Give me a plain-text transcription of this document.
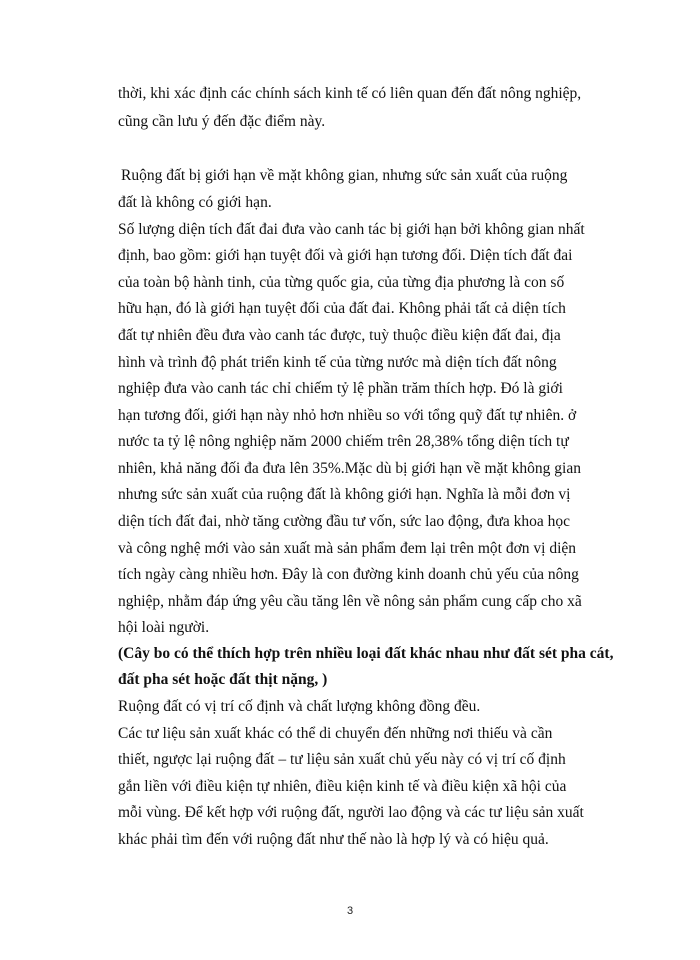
thời, khi xác định các chính sách kinh tế có liên quan đến đất nông nghiệp,
cũng cần lưu ý đến đặc điểm này.
Ruộng đất bị giới hạn về mặt không gian, nhưng sức sản xuất của ruộng
đất là không có giới hạn.
Số lượng diện tích đất đai đưa vào canh tác bị giới hạn bởi không gian nhất
định, bao gồm: giới hạn tuyệt đối và giới hạn tương đối. Diện tích đất đai
của toàn bộ hành tinh, của từng quốc gia, của từng địa phương là con số
hữu hạn, đó là giới hạn tuyệt đối của đất đai. Không phải tất cả diện tích
đất tự nhiên đều đưa vào canh tác được, tuỳ thuộc điều kiện đất đai, địa
hình và trình độ phát triển kinh tế của từng nước mà diện tích đất nông
nghiệp đưa vào canh tác chỉ chiếm tỷ lệ phần trăm thích hợp. Đó là giới
hạn tương đối, giới hạn này nhỏ hơn nhiều so với tổng quỹ đất tự nhiên. ở
nước ta tỷ lệ nông nghiệp năm 2000 chiếm trên 28,38% tổng diện tích tự
nhiên, khả năng đối đa đưa lên 35%.Mặc dù bị giới hạn về mặt không gian
nhưng sức sản xuất của ruộng đất là không giới hạn. Nghĩa là mỗi đơn vị
diện tích đất đai, nhờ tăng cường đầu tư vốn, sức lao động, đưa khoa học
và công nghệ mới vào sản xuất mà sản phẩm đem lại trên một đơn vị diện
tích ngày càng nhiều hơn. Đây là con đường kinh doanh chủ yếu của nông
nghiệp, nhằm đáp ứng yêu cầu tăng lên về nông sản phẩm cung cấp cho xã
hội loài người.
(Cây bo có thể thích hợp trên nhiều loại đất khác nhau như đất sét pha cát,
đất pha sét hoặc đất thịt nặng, )
Ruộng đất có vị trí cố định và chất lượng không đồng đều.
Các tư liệu sản xuất khác có thể di chuyển đến những nơi thiếu và cần
thiết, ngược lại ruộng đất – tư liệu sản xuất chủ yếu này có vị trí cố định
gắn liền với điều kiện tự nhiên, điều kiện kinh tế và điều kiện xã hội của
mỗi vùng. Để kết hợp với ruộng đất, người lao động và các tư liệu sản xuất
khác phải tìm đến với ruộng đất như thế nào là hợp lý và có hiệu quả.
3
